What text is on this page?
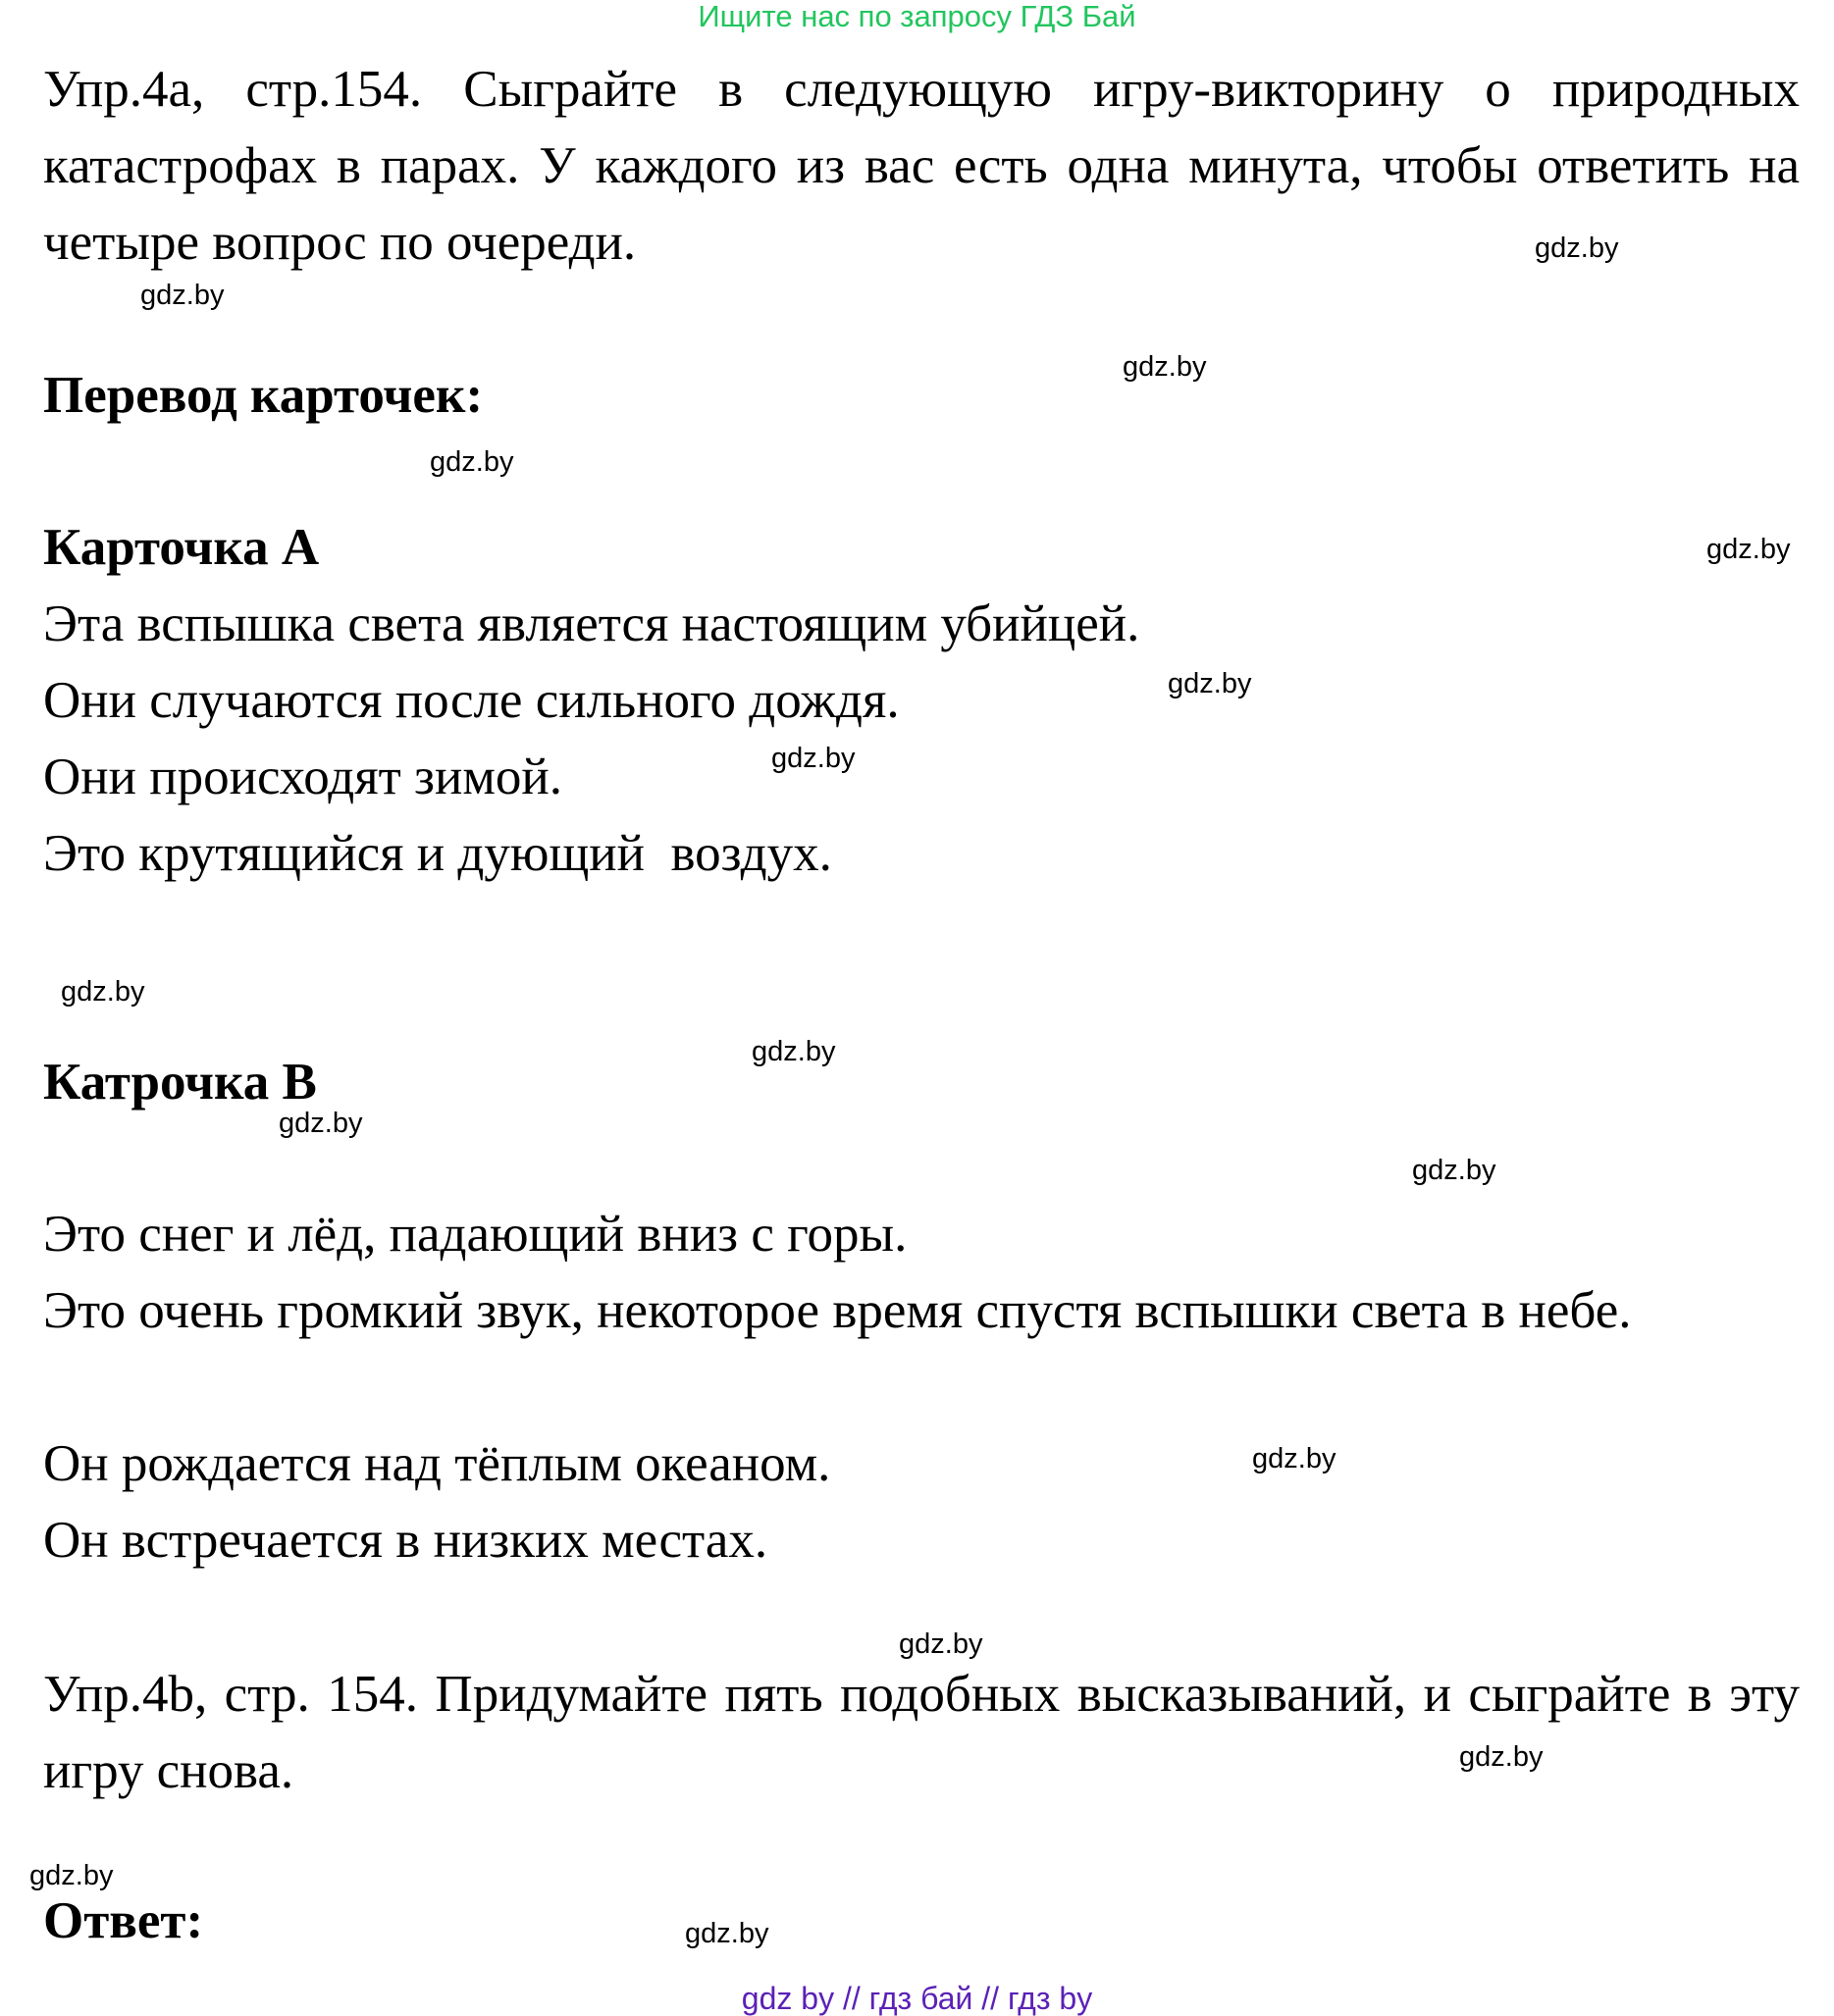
Ищите нас по запросу ГДЗ Бай

Упр.4a, стр.154. Сыграйте в следующую игру-викторину о природных катастрофах в парах. У каждого из вас есть одна минута, чтобы ответить на четыре вопрос по очереди.

Перевод карточек:

Карточка А

Эта вспышка света является настоящим убийцей.

Они случаются после сильного дождя.

Они происходят зимой.

Это крутящийся и дующий  воздух.

Катрочка В

Это снег и лёд, падающий вниз с горы.

Это очень громкий звук, некоторое время спустя вспышки света в небе.

Он рождается над тёплым океаном.

Он встречается в низких местах.

Упр.4b, стр. 154. Придумайте пять подобных высказываний, и сыграйте в эту игру снова.

Ответ:

gdz.by
gdz.by
gdz.by
gdz.by
gdz.by
gdz.by
gdz.by
gdz.by
gdz.by
gdz.by
gdz.by
gdz.by
gdz.by
gdz.by
gdz.by
gdz.by
gdz by // гдз бай // гдз by
